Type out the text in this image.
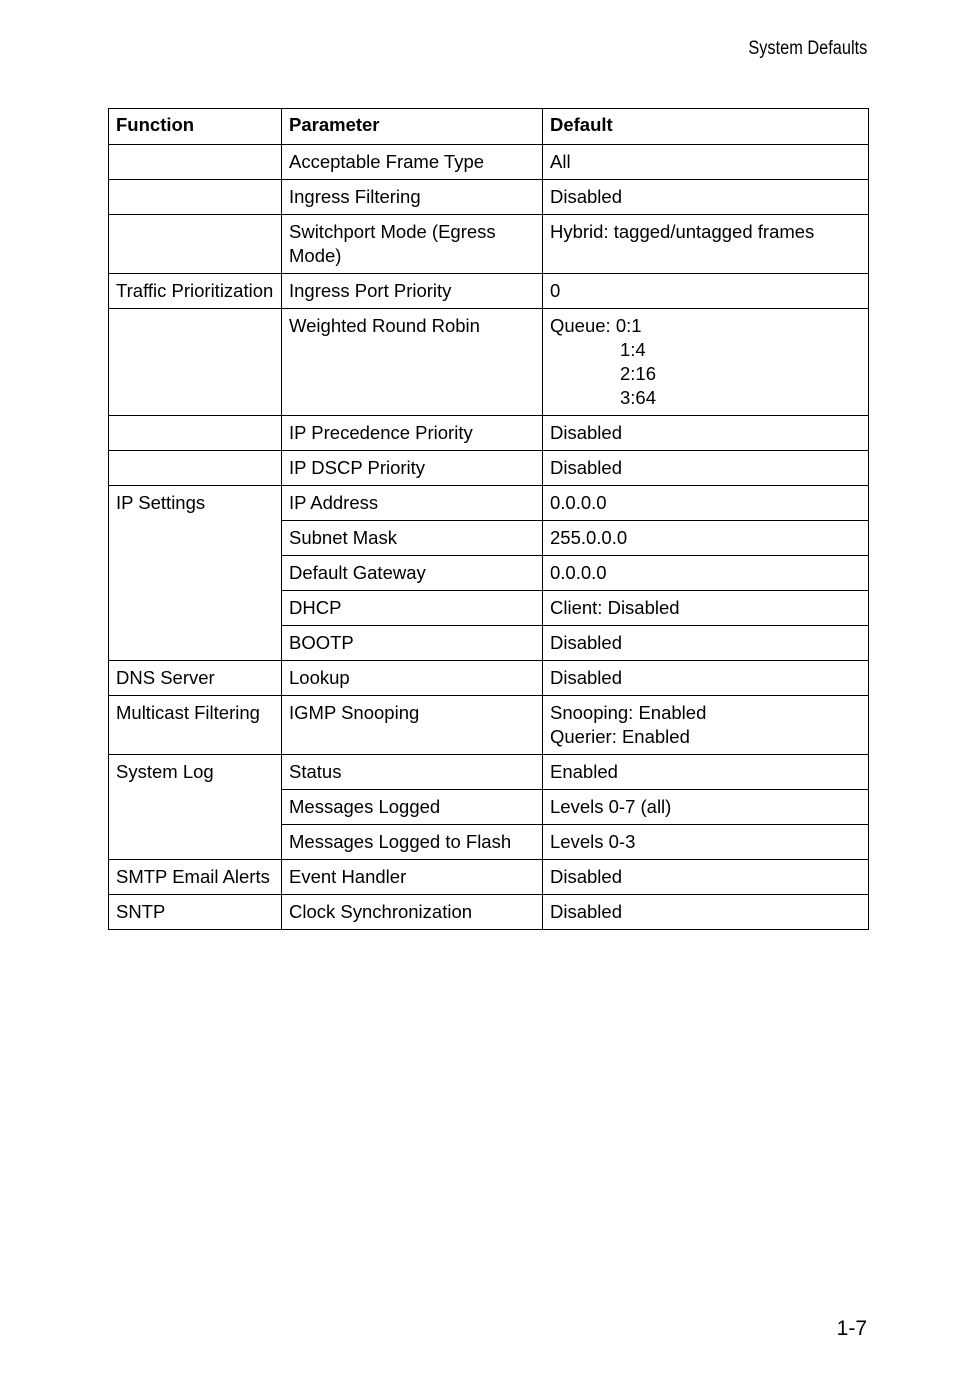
System Defaults
Function	Parameter	Default
	Acceptable Frame Type	All
	Ingress Filtering	Disabled
	Switchport Mode (Egress Mode)	Hybrid: tagged/untagged frames
Traffic Prioritization	Ingress Port Priority	0
	Weighted Round Robin	Queue: 0:1
1:4
2:16
3:64

	IP Precedence Priority	Disabled
	IP DSCP Priority	Disabled
IP Settings	IP Address	0.0.0.0
	Subnet Mask	255.0.0.0
	Default Gateway	0.0.0.0
	DHCP	Client: Disabled
	BOOTP	Disabled
DNS Server	Lookup	Disabled
Multicast Filtering	IGMP Snooping	Snooping: Enabled
Querier: Enabled

System Log	Status	Enabled
	Messages Logged	Levels 0-7 (all)
	Messages Logged to Flash	Levels 0-3
SMTP Email Alerts	Event Handler	Disabled
SNTP	Clock Synchronization	Disabled
1-7
